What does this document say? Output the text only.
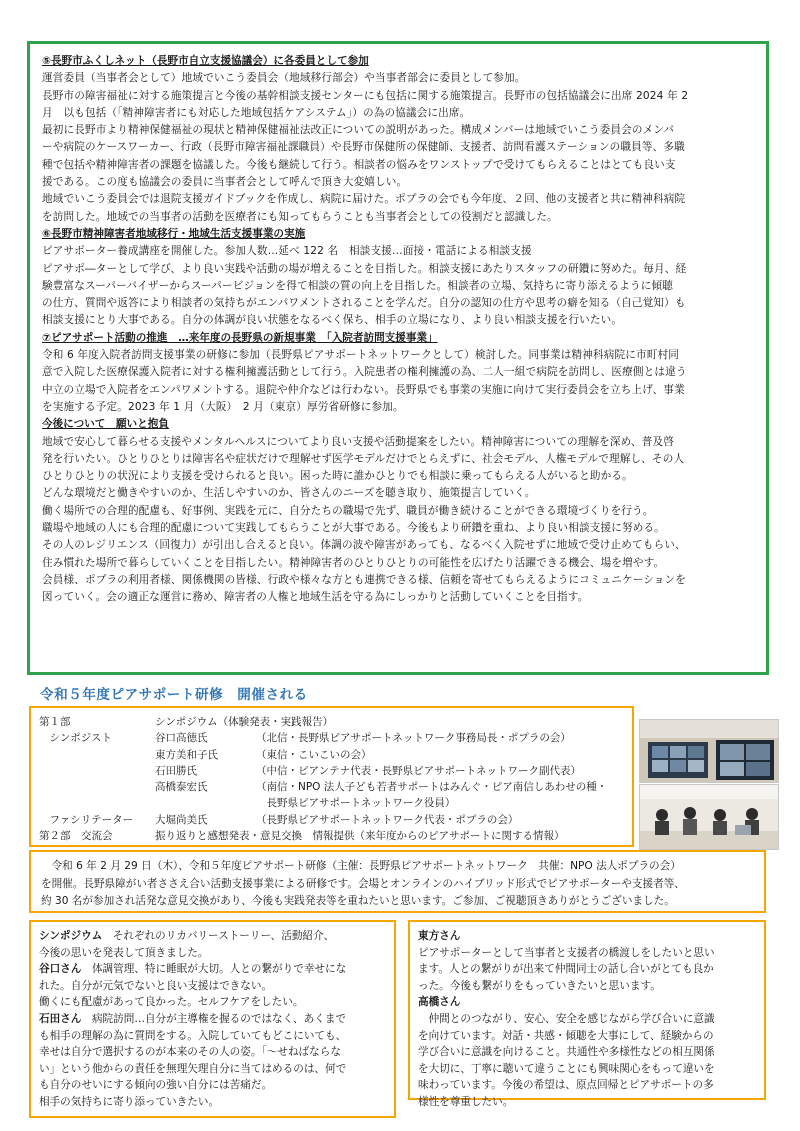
⑤長野市ふくしネット（長野市自立支援協議会）に各委員として参加
運営委員（当事者会として）地域でいこう委員会（地域移行部会）や当事者部会に委員として参加。
長野市の障害福祉に対する施策提言と今後の基幹相談支援センターにも包括に関する施策提言。長野市の包括協議会に出席 2024 年 2
月　以も包括（「精神障害者にも対応した地域包括ケアシステム」）の為の協議会に出席。
最初に長野市より精神保健福祉の現状と精神保健福祉法改正についての説明があった。構成メンバーは地域でいこう委員会のメンバ
ーや病院のケースワーカー、行政（長野市障害福祉課職員）や長野市保健所の保健師、支援者、訪問看護ステーションの職員等、多職
種で包括や精神障害者の課題を協議した。今後も継続して行う。相談者の悩みをワンストップで受けてもらえることはとても良い支
援である。この度も協議会の委員に当事者会として呼んで頂き大変嬉しい。
地域でいこう委員会では退院支援ガイドブックを作成し、病院に届けた。ポプラの会でも今年度、２回、他の支援者と共に精神科病院
を訪問した。地域での当事者の活動を医療者にも知ってもらうことも当事者会としての役割だと認識した。
⑥長野市精神障害者地域移行・地域生活支援事業の実施
ピアサポーター養成講座を開催した。参加人数…延べ 122 名　相談支援…面接・電話による相談支援
ピアサポ―ターとして学び、より良い実践や活動の場が増えることを目指した。相談支援にあたりスタッフの研鑽に努めた。毎月、経
験豊富なスーパーバイザーからスーパービジョンを得て相談の質の向上を目指した。相談者の立場、気持ちに寄り添えるように傾聴
の仕方、質問や返答により相談者の気持ちがエンパワメントされることを学んだ。自分の認知の仕方や思考の癖を知る（自己覚知）も
相談支援にとり大事である。自分の体調が良い状態をなるべく保ち、相手の立場になり、より良い相談支援を行いたい。
⑦ピアサポート活動の推進　…来年度の長野県の新規事業　「入院者訪問支援事業」
令和 6 年度入院者訪問支援事業の研修に参加（長野県ピアサポートネットワークとして）検討した。同事業は精神科病院に市町村同
意で入院した医療保護入院者に対する権利擁護活動として行う。入院患者の権利擁護の為、二人一組で病院を訪問し、医療側とは違う
中立の立場で入院者をエンパワメントする。退院や仲介などは行わない。長野県でも事業の実施に向けて実行委員会を立ち上げ、事業
を実施する予定。2023 年 1 月（大阪）　2 月（東京）厚労省研修に参加。
今後について　願いと抱負
地域で安心して暮らせる支援やメンタルヘルスについてより良い支援や活動提案をしたい。精神障害についての理解を深め、普及啓
発を行いたい。ひとりひとりは障害名や症状だけで理解せず医学モデルだけでとらえずに、社会モデル、人権モデルで理解し、その人
ひとりひとりの状況により支援を受けられると良い。困った時に誰かひとりでも相談に乗ってもらえる人がいると助かる。
どんな環境だと働きやすいのか、生活しやすいのか、皆さんのニーズを聴き取り、施策提言していく。
働く場所での合理的配慮も、好事例、実践を元に、自分たちの職場で先ず、職員が働き続けることができる環境づくりを行う。
職場や地域の人にも合理的配慮について実践してもらうことが大事である。今後もより研鑽を重ね、より良い相談支援に努める。
その人のレジリエンス（回復力）が引出し合えると良い。体調の波や障害があっても、なるべく入院せずに地域で受け止めてもらい、
住み慣れた場所で暮らしていくことを目指したい。精神障害者のひとりひとりの可能性を広げたり活躍できる機会、場を増やす。
会員様、ポプラの利用者様、関係機関の皆様、行政や様々な方とも連携できる様、信頼を寄せてもらえるようにコミュニケーションを
図っていく。会の適正な運営に務め、障害者の人権と地域生活を守る為にしっかりと活動していくことを目指す。
令和５年度ピアサポート研修　開催される
第１部	シンポジウム（体験発表・実践報告）
　シンポジスト	谷口高徳氏	（北信・長野県ピアサポートネットワーク事務局長・ポプラの会）
東方美和子氏	（東信・こいこいの会）
石田勝氏	（中信・ピアンテナ代表・長野県ピアサポートネットワーク副代表）
高橋泰宏氏	（南信・NPO 法人子ども若者サポートはみんぐ・ピア南信しあわせの種・
　長野県ピアサポートネットワーク役員）
　ファシリテーター	大堀尚美氏	（長野県ピアサポートネットワーク代表・ポプラの会）
第２部　交流会	振り返りと感想発表・意見交換　情報提供（来年度からのピアサポートに関する情報）
　令和 6 年 2 月 29 日（木）、令和５年度ピアサポート研修（主催：長野県ピアサポートネットワーク　共催：NPO 法人ポプラの会）
を開催。長野県障がい者ささえ合い活動支援事業による研修です。会場とオンラインのハイブリッド形式でピアサポーターや支援者等、
約 30 名が参加され活発な意見交換があり、今後も実践発表等を重ねたいと思います。ご参加、ご視聴頂きありがとうございました。
シンポジウム　それぞれのリカバリーストーリー、活動紹介、
今後の思いを発表して頂きました。
谷口さん　体調管理、特に睡眠が大切。人との繋がりで幸せにな
れた。自分が元気でないと良い支援はできない。
働くにも配慮があって良かった。セルフケアをしたい。
石田さん　病院訪問…自分が主導権を握るのではなく、あくまで
も相手の理解の為に質問をする。入院していてもどこにいても、
幸せは自分で選択するのが本来のその人の姿。「～せねばならな
い」という他からの責任を無理矢理自分に当てはめるのは、何で
も自分のせいにする傾向の強い自分には苦痛だ。
相手の気持ちに寄り添っていきたい。
東方さん
ピアサポーターとして当事者と支援者の橋渡しをしたいと思い
ます。人との繋がりが出来て仲間同士の話し合いがとても良か
った。今後も繋がりをもっていきたいと思います。
高橋さん
　仲間とのつながり、安心、安全を感じながら学び合いに意識
を向けています。対話・共感・傾聴を大事にして、経験からの
学び合いに意識を向けること。共通性や多様性などの相互関係
を大切に、丁寧に聴いて違うことにも興味関心をもって違いを
味わっています。今後の希望は、原点回帰とピアサポートの多
様性を尊重したい。
